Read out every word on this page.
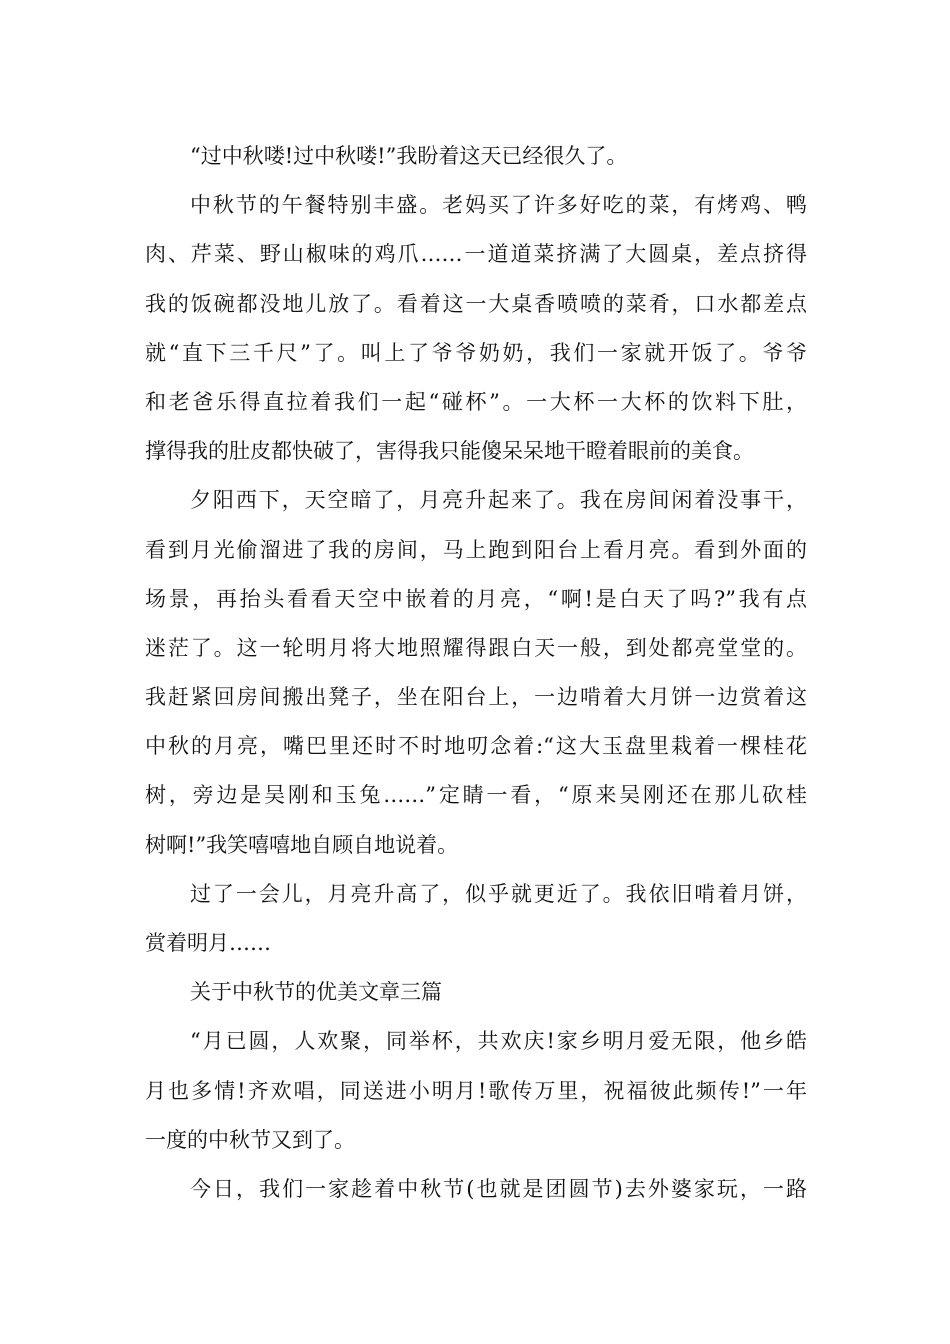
“过中秋喽!过中秋喽!”我盼着这天已经很久了。
中秋节的午餐特别丰盛。老妈买了许多好吃的菜，有烤鸡、鸭
肉、芹菜、野山椒味的鸡爪……一道道菜挤满了大圆桌，差点挤得
我的饭碗都没地儿放了。看着这一大桌香喷喷的菜肴，口水都差点
就“直下三千尺”了。叫上了爷爷奶奶，我们一家就开饭了。爷爷
和老爸乐得直拉着我们一起“碰杯”。一大杯一大杯的饮料下肚，
撑得我的肚皮都快破了，害得我只能傻呆呆地干瞪着眼前的美食。
夕阳西下，天空暗了，月亮升起来了。我在房间闲着没事干，
看到月光偷溜进了我的房间，马上跑到阳台上看月亮。看到外面的
场景，再抬头看看天空中嵌着的月亮，“啊!是白天了吗?”我有点
迷茫了。这一轮明月将大地照耀得跟白天一般，到处都亮堂堂的。
我赶紧回房间搬出凳子，坐在阳台上，一边啃着大月饼一边赏着这
中秋的月亮，嘴巴里还时不时地叨念着:“这大玉盘里栽着一棵桂花
树，旁边是吴刚和玉兔……”定睛一看，“原来吴刚还在那儿砍桂
树啊!”我笑嘻嘻地自顾自地说着。
过了一会儿，月亮升高了，似乎就更近了。我依旧啃着月饼，
赏着明月……
关于中秋节的优美文章三篇
“月已圆，人欢聚，同举杯，共欢庆!家乡明月爱无限，他乡皓
月也多情!齐欢唱，同送进小明月!歌传万里，祝福彼此频传!”一年
一度的中秋节又到了。
今日，我们一家趁着中秋节(也就是团圆节)去外婆家玩，一路
